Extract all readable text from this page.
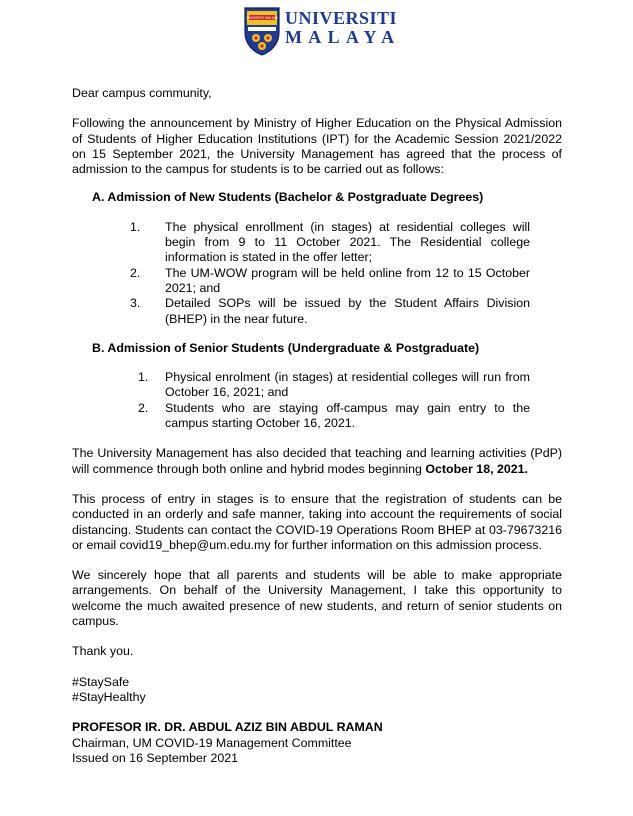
UNIVERSITI MALAYA UNIVERSITI
MALAYA

Dear campus community,

Following the announcement by Ministry of Higher Education on the Physical Admission of Students of Higher Education Institutions (IPT) for the Academic Session 2021/2022 on 15 September 2021, the University Management has agreed that the process of admission to the campus for students is to be carried out as follows:

A. Admission of New Students (Bachelor & Postgraduate Degrees)

1.	The physical enrollment (in stages) at residential colleges will begin from 9 to 11 October 2021. The Residential college information is stated in the offer letter;
2.	The UM-WOW program will be held online from 12 to 15 October 2021; and
3.	Detailed SOPs will be issued by the Student Affairs Division (BHEP) in the near future.

B. Admission of Senior Students (Undergraduate & Postgraduate)

1.	Physical enrolment (in stages) at residential colleges will run from October 16, 2021; and
2.	Students who are staying off-campus may gain entry to the campus starting October 16, 2021.

The University Management has also decided that teaching and learning activities (PdP) will commence through both online and hybrid modes beginning October 18, 2021.

This process of entry in stages is to ensure that the registration of students can be conducted in an orderly and safe manner, taking into account the requirements of social distancing. Students can contact the COVID-19 Operations Room BHEP at 03-79673216 or email covid19_bhep@um.edu.my for further information on this admission process.

We sincerely hope that all parents and students will be able to make appropriate arrangements. On behalf of the University Management, I take this opportunity to welcome the much awaited presence of new students, and return of senior students on campus.

Thank you.

#StaySafe

#StayHealthy

PROFESOR IR. DR. ABDUL AZIZ BIN ABDUL RAMAN

Chairman, UM COVID-19 Management Committee

Issued on 16 September 2021
